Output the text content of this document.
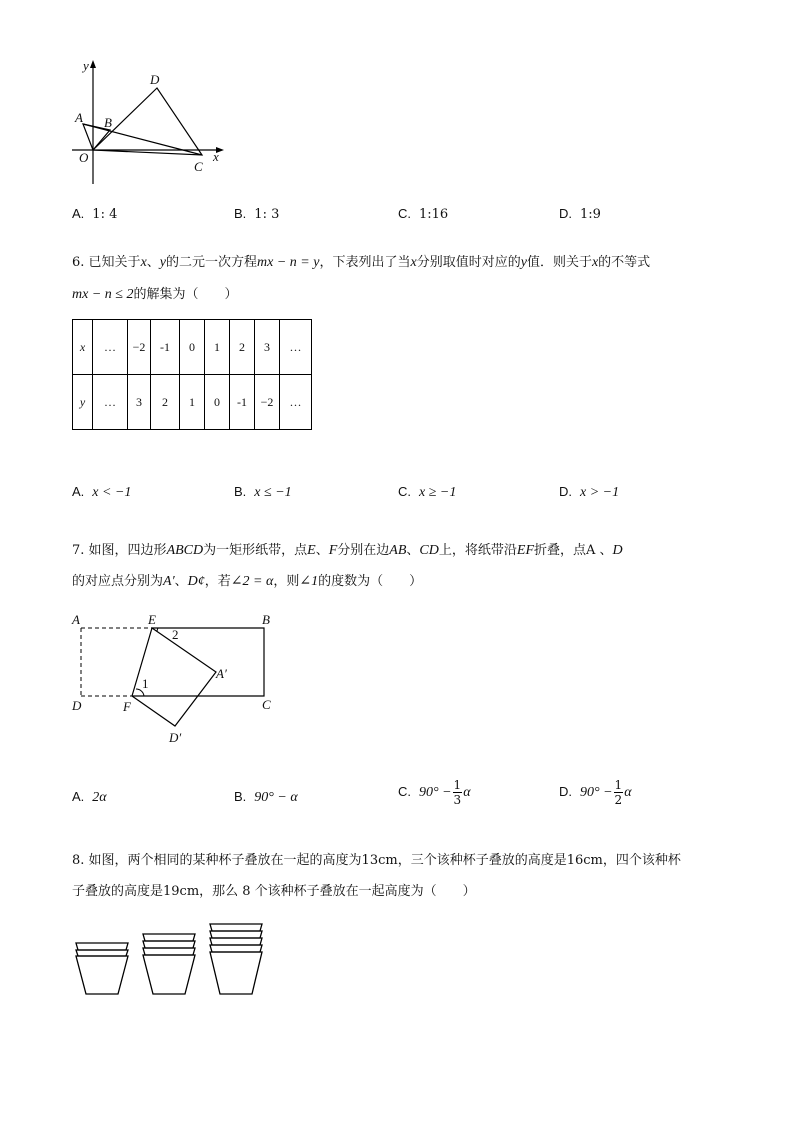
y
x
O
A B
D
C
A. 1: 4	B. 1: 3	C. 1:16	D. 1:9
6. 已知关于x、y的二元一次方程mx − n = y，下表列出了当x分别取值时对应的y值．则关于x的不等式
mx − n ≤ 2的解集为（　　）
x	…	−2	-1	0	1	2	3	…
y	…	3	2	1	0	-1	−2	…
A. x < −1	B. x ≤ −1	C. x ≥ −1	D. x > −1
7. 如图，四边形ABCD为一矩形纸带，点E、F分别在边AB、CD上，将纸带沿EF折叠，点A 、D
的对应点分别为A′、D¢，若∠2 = α，则∠1的度数为（　　）
A	E	B
2
A′
1
D	F	C
D′
A. 2α	B. 90° − α	C. $90^\circ - \frac{1}{3}$ α	D. $90^\circ - \frac{1}{2}$ α
8. 如图，两个相同的某种杯子叠放在一起的高度为13cm，三个该种杯子叠放的高度是16cm，四个该种杯
子叠放的高度是19cm，那么 8 个该种杯子叠放在一起高度为（　　）
